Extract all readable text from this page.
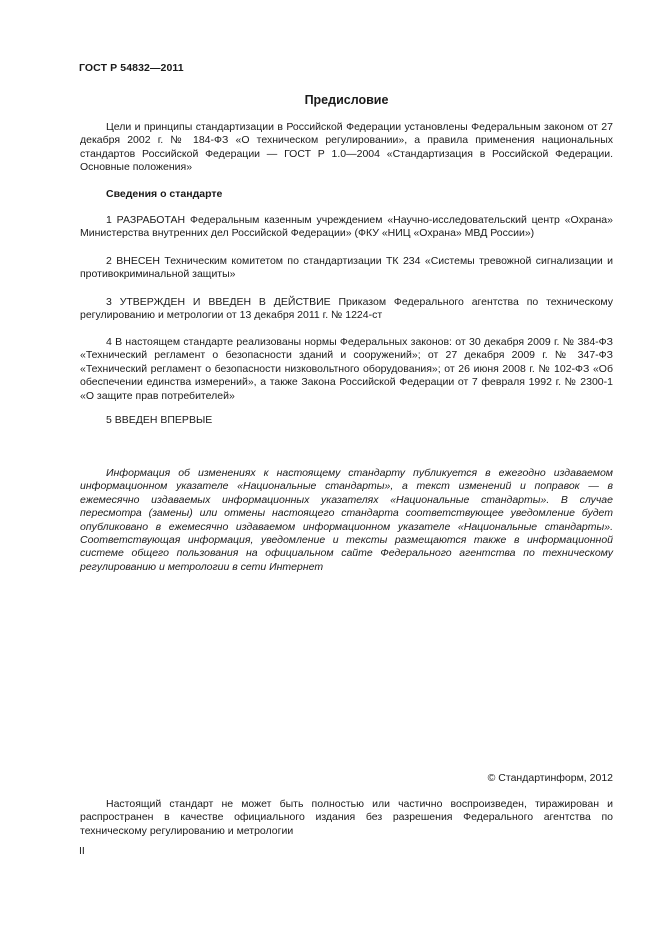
ГОСТ Р 54832—2011
Предисловие

Цели и принципы стандартизации в Российской Федерации установлены Федеральным законом от 27 декабря 2002 г. № 184-ФЗ «О техническом регулировании», а правила применения национальных стандартов Российской Федерации — ГОСТ Р 1.0—2004 «Стандартизация в Российской Федерации. Основные положения»

Сведения о стандарте

1 РАЗРАБОТАН Федеральным казенным учреждением «Научно-исследовательский центр «Охрана» Министерства внутренних дел Российской Федерации» (ФКУ «НИЦ «Охрана» МВД России»)

2 ВНЕСЕН Техническим комитетом по стандартизации ТК 234 «Системы тревожной сигнализации и противокриминальной защиты»

3 УТВЕРЖДЕН И ВВЕДЕН В ДЕЙСТВИЕ Приказом Федерального агентства по техническому регулированию и метрологии от 13 декабря 2011 г. № 1224-ст

4 В настоящем стандарте реализованы нормы Федеральных законов: от 30 декабря 2009 г. № 384-ФЗ «Технический регламент о безопасности зданий и сооружений»; от 27 декабря 2009 г. № 347-ФЗ «Технический регламент о безопасности низковольтного оборудования»; от 26 июня 2008 г. № 102-ФЗ «Об обеспечении единства измерений», а также Закона Российской Федерации от 7 февраля 1992 г. № 2300-1 «О защите прав потребителей»

5 ВВЕДЕН ВПЕРВЫЕ

Информация об изменениях к настоящему стандарту публикуется в ежегодно издаваемом информационном указателе «Национальные стандарты», а текст изменений и поправок — в ежемесячно издаваемых информационных указателях «Национальные стандарты». В случае пересмотра (замены) или отмены настоящего стандарта соответствующее уведомление будет опубликовано в ежемесячно издаваемом информационном указателе «Национальные стандарты». Соответствующая информация, уведомление и тексты размещаются также в информационной системе общего пользования на официальном сайте Федерального агентства по техническому регулированию и метрологии в сети Интернет

© Стандартинформ, 2012

Настоящий стандарт не может быть полностью или частично воспроизведен, тиражирован и распространен в качестве официального издания без разрешения Федерального агентства по техническому регулированию и метрологии

II
